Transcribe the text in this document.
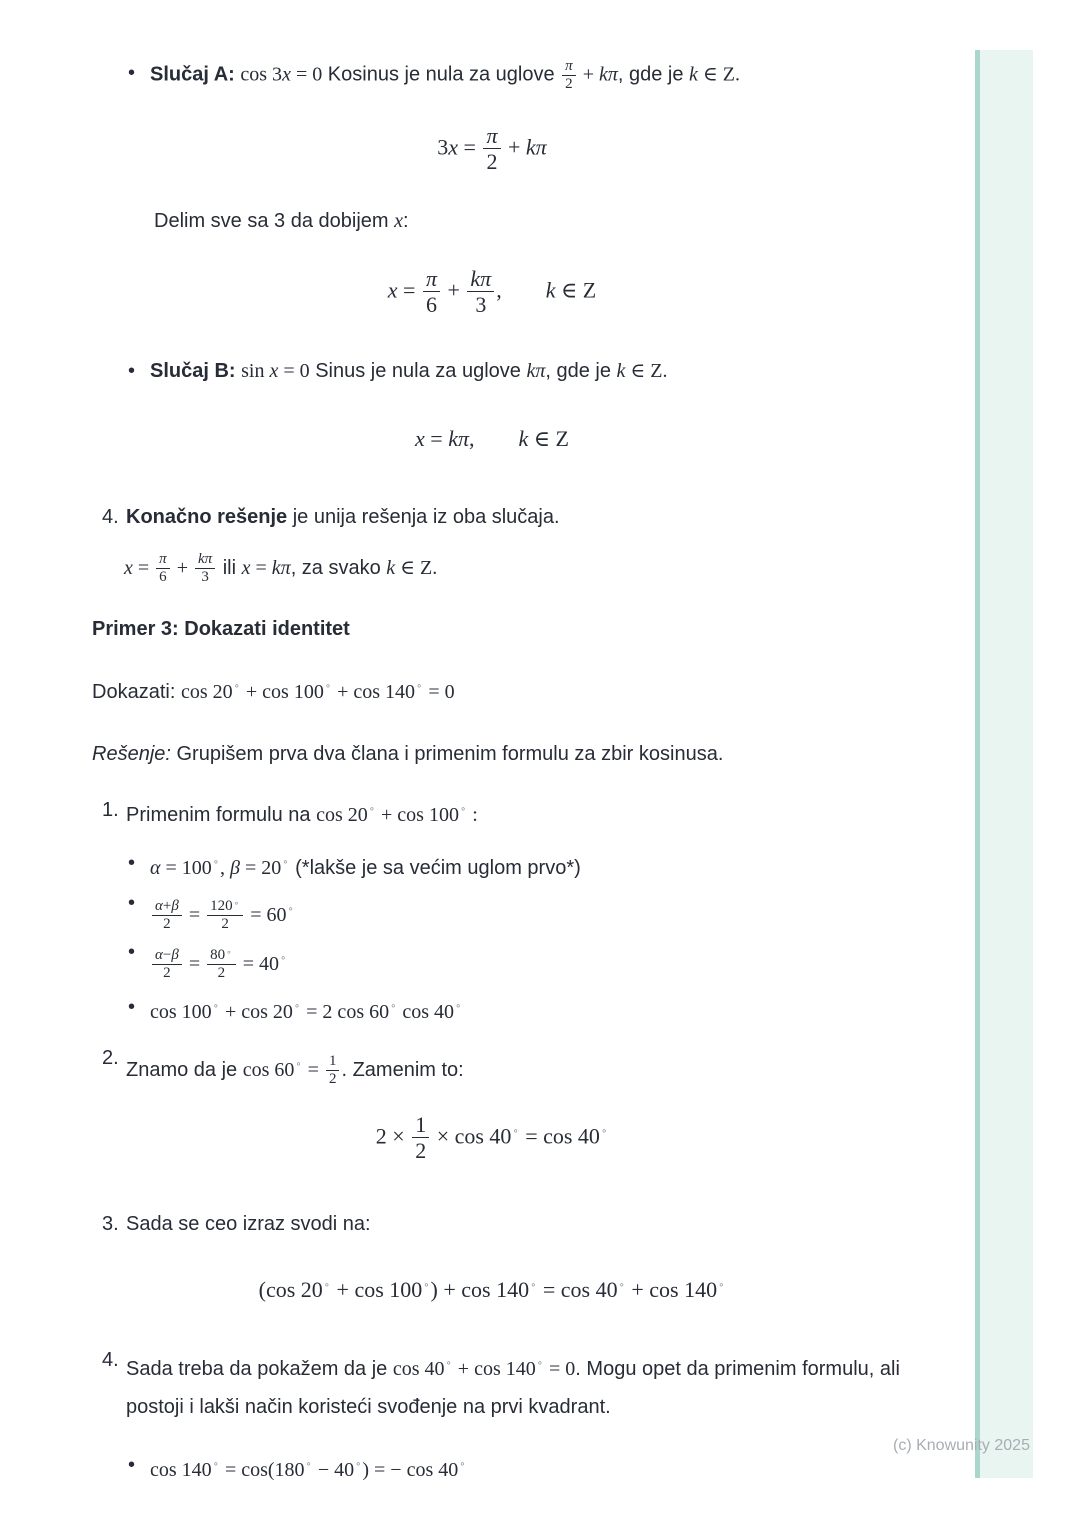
(c) Knowunity 2025
• Slučaj A: cos 3x = 0 Kosinus je nula za uglove $\frac{\pi}{2} + k\pi$, gde je k ∈ Z.
$3x = \frac{\pi}{2} + k\pi$
Delim sve sa 3 da dobijem x:
$x = \frac{\pi}{6} + \frac{k\pi}{3}$ ,  k ∈ Z
• Slučaj B: sin x = 0 Sinus je nula za uglove kπ, gde je k ∈ Z.
x = kπ,  k ∈ Z
4. Konačno rešenje je unija rešenja iz oba slučaja.
$x = \frac{\pi}{6} + \frac{k\pi}{3}$ ili x = kπ, za svako k ∈ Z.
Primer 3: Dokazati identitet
Dokazati: cos 20∘ + cos 100∘ + cos 140∘ = 0
Rešenje: Grupišem prva dva člana i primenim formulu za zbir kosinusa.
1. Primenim formulu na cos 20∘ + cos 100∘ :
• α = 100∘, β = 20∘ (*lakše je sa većim uglom prvo*)
•	$\frac{\alpha+\beta}{2} = \frac{120^\circ}{2} = 60^\circ$
•	$\frac{\alpha-\beta}{2} = \frac{80^\circ}{2} = 40^\circ$
• cos 100∘ + cos 20∘ = 2 cos 60∘ cos 40∘
2.
Znamo da je $\cos 60^\circ = \frac{1}{2}$ . Zamenim to:
$2 \times \frac{1}{2} \times \cos 40^\circ = \cos 40^\circ$
3. Sada se ceo izraz svodi na:
(cos 20∘ + cos 100∘) + cos 140∘ = cos 40∘ + cos 140∘
4. Sada treba da pokažem da je cos 40∘ + cos 140∘ = 0. Mogu opet da primenim formulu, ali postoji i lakši način koristeći svođenje na prvi kvadrant.
• cos 140∘ = cos(180∘ − 40∘) = − cos 40∘
